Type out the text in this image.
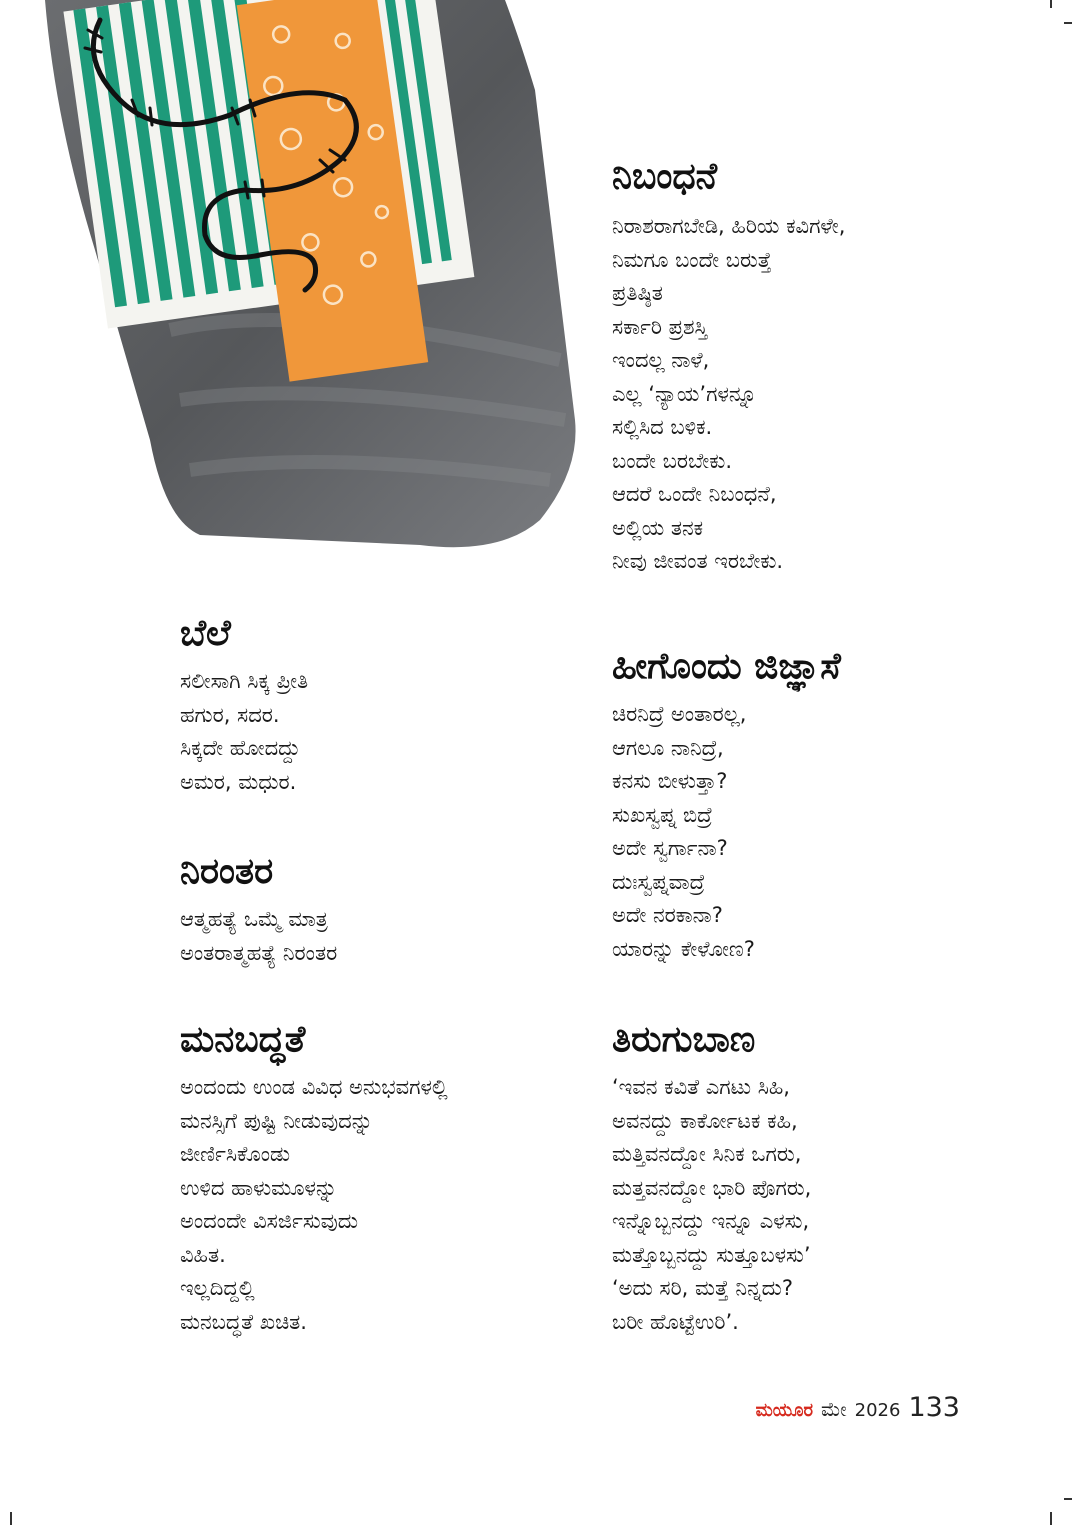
ನಿಬಂಧನೆ
ನಿರಾಶರಾಗಬೇಡಿ, ಹಿರಿಯ ಕವಿಗಳೇ,
ನಿಮಗೂ ಬಂದೇ ಬರುತ್ತೆ
ಪ್ರತಿಷ್ಠಿತ
ಸರ್ಕಾರಿ ಪ್ರಶಸ್ತಿ
ಇಂದಲ್ಲ ನಾಳೆ,
ಎಲ್ಲ ‘ನ್ಯಾಯ’ಗಳನ್ನೂ
ಸಲ್ಲಿಸಿದ ಬಳಿಕ.
ಬಂದೇ ಬರಬೇಕು.
ಆದರೆ ಒಂದೇ ನಿಬಂಧನೆ,
ಅಲ್ಲಿಯ ತನಕ
ನೀವು ಜೀವಂತ ಇರಬೇಕು.
ಬೆಲೆ
ಸಲೀಸಾಗಿ ಸಿಕ್ಕ ಪ್ರೀತಿ
ಹಗುರ, ಸದರ.
ಸಿಕ್ಕದೇ ಹೋದದ್ದು
ಅಮರ, ಮಧುರ.
ಹೀಗೊಂದು ಜಿಜ್ಞಾಸೆ
ಚಿರನಿದ್ರೆ ಅಂತಾರಲ್ಲ,
ಆಗಲೂ ನಾನಿದ್ರೆ,
ಕನಸು ಬೀಳುತ್ತಾ?
ಸುಖಸ್ವಪ್ನ ಬಿದ್ರೆ
ಅದೇ ಸ್ವರ್ಗಾನಾ?
ದುಃಸ್ವಪ್ನವಾದ್ರೆ
ಅದೇ ನರಕಾನಾ?
ಯಾರನ್ನು ಕೇಳೋಣ?
ನಿರಂತರ
ಆತ್ಮಹತ್ಯೆ ಒಮ್ಮೆ ಮಾತ್ರ
ಅಂತರಾತ್ಮಹತ್ಯೆ ನಿರಂತರ
ಮನಬದ್ಧತೆ
ಅಂದಂದು ಉಂಡ ವಿವಿಧ ಅನುಭವಗಳಲ್ಲಿ
ಮನಸ್ಸಿಗೆ ಪುಷ್ಟಿ ನೀಡುವುದನ್ನು
ಜೀರ್ಣಿಸಿಕೊಂಡು
ಉಳಿದ ಹಾಳುಮೂಳನ್ನು
ಅಂದಂದೇ ವಿಸರ್ಜಿಸುವುದು
ವಿಹಿತ.
ಇಲ್ಲದಿದ್ದಲ್ಲಿ
ಮನಬದ್ಧತೆ ಖಚಿತ.
ತಿರುಗುಬಾಣ
‘ಇವನ ಕವಿತೆ ಎಗಟು ಸಿಹಿ,
ಅವನದ್ದು ಕಾರ್ಕೋಟಕ ಕಹಿ,
ಮತ್ತಿವನದ್ದೋ ಸಿನಿಕ ಒಗರು,
ಮತ್ತವನದ್ದೋ ಭಾರಿ ಪೊಗರು,
ಇನ್ನೊಬ್ಬನದ್ದು ಇನ್ನೂ ಎಳಸು,
ಮತ್ತೊಬ್ಬನದ್ದು ಸುತ್ತೂಬಳಸು’
‘ಅದು ಸರಿ, ಮತ್ತೆ ನಿನ್ನದು?
ಬರೀ ಹೊಟ್ಟೆಉರಿ’.
ಮಯೂರ ಮೇ 2026 133
